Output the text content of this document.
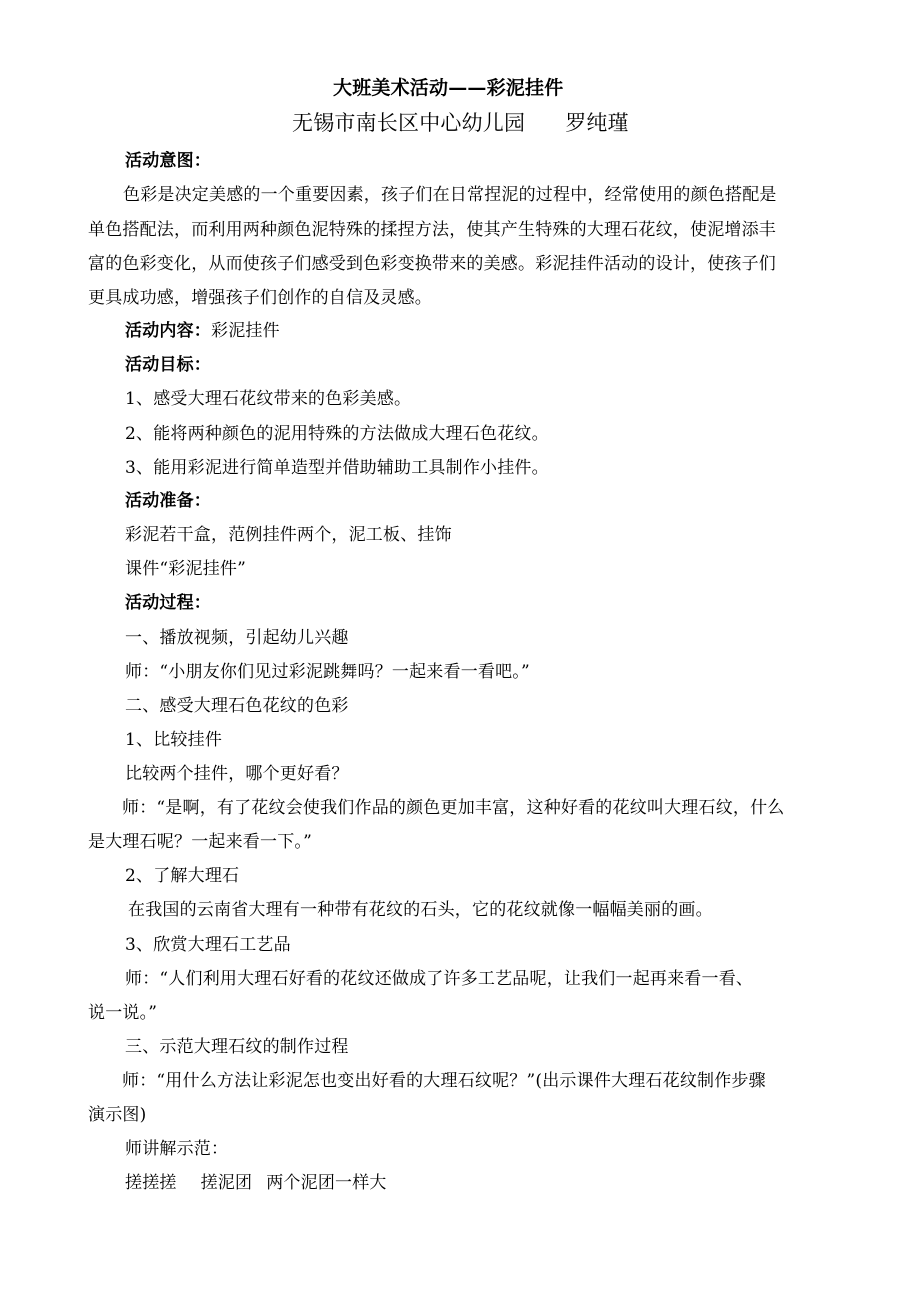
大班美术活动——彩泥挂件
无锡市南长区中心幼儿园 罗纯瑾
活动意图：
色彩是决定美感的一个重要因素，孩子们在日常捏泥的过程中，经常使用的颜色搭配是
单色搭配法，而利用两种颜色泥特殊的揉捏方法，使其产生特殊的大理石花纹，使泥增添丰
富的色彩变化，从而使孩子们感受到色彩变换带来的美感。彩泥挂件活动的设计，使孩子们
更具成功感，增强孩子们创作的自信及灵感。
活动内容：彩泥挂件
活动目标：
1、感受大理石花纹带来的色彩美感。
2、能将两种颜色的泥用特殊的方法做成大理石色花纹。
3、能用彩泥进行简单造型并借助辅助工具制作小挂件。
活动准备：
彩泥若干盒，范例挂件两个，泥工板、挂饰
课件“彩泥挂件”
活动过程：
一、播放视频，引起幼儿兴趣
师：“小朋友你们见过彩泥跳舞吗？一起来看一看吧。”
二、感受大理石色花纹的色彩
1、比较挂件
比较两个挂件，哪个更好看？
师：“是啊，有了花纹会使我们作品的颜色更加丰富，这种好看的花纹叫大理石纹，什么
是大理石呢？一起来看一下。”
2、了解大理石
在我国的云南省大理有一种带有花纹的石头，它的花纹就像一幅幅美丽的画。
3、欣赏大理石工艺品
师：“人们利用大理石好看的花纹还做成了许多工艺品呢，让我们一起再来看一看、
说一说。”
三、示范大理石纹的制作过程
师：“用什么方法让彩泥怎也变出好看的大理石纹呢？”(出示课件大理石花纹制作步骤
演示图)
师讲解示范：
搓搓搓 搓泥团 两个泥团一样大
